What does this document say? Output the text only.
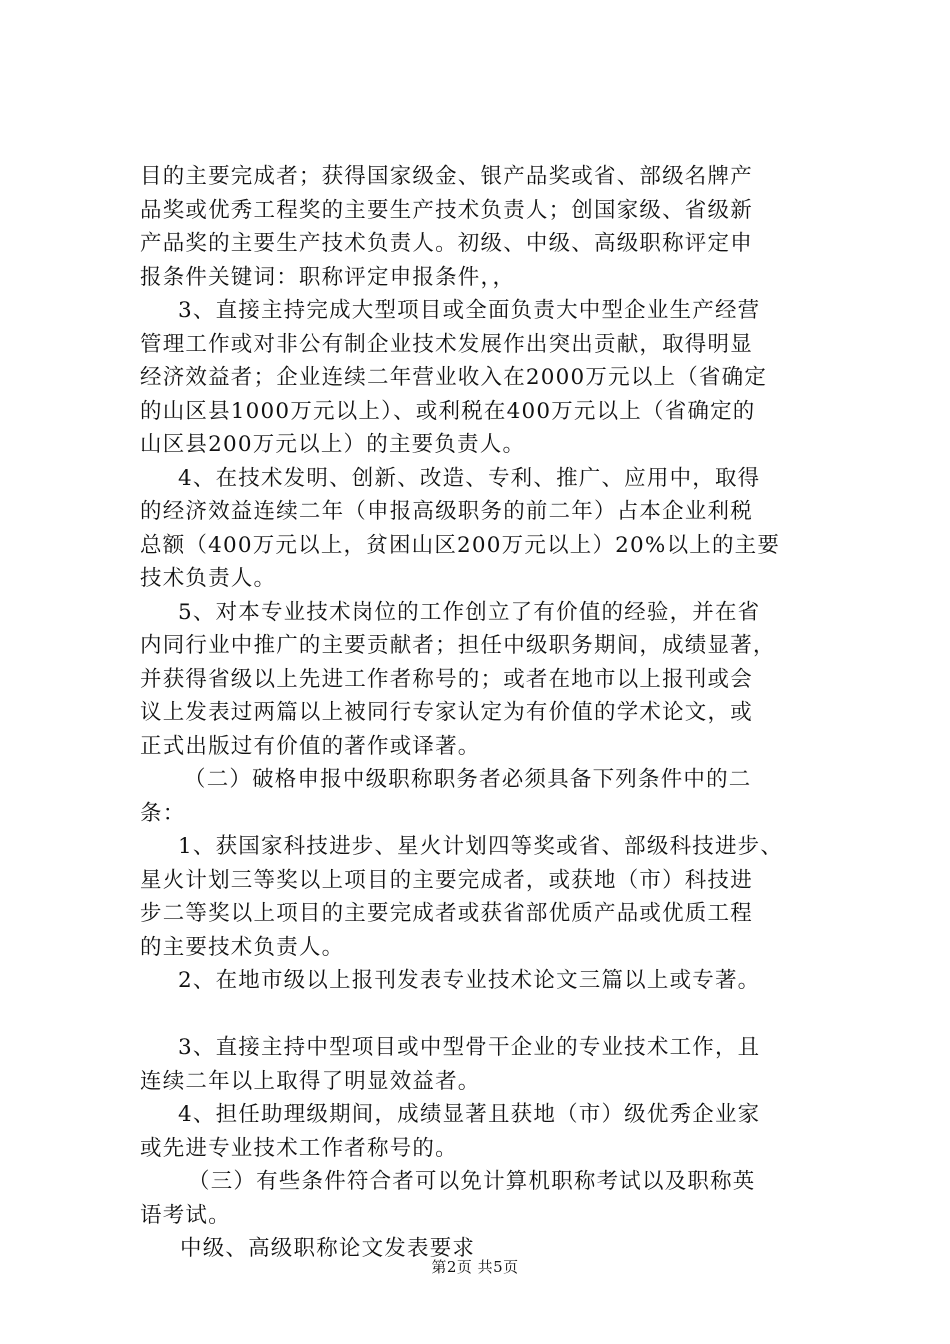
目的主要完成者；获得国家级金、银产品奖或省、部级名牌产
品奖或优秀工程奖的主要生产技术负责人；创国家级、省级新
产品奖的主要生产技术负责人。初级、中级、高级职称评定申
报条件关键词：职称评定申报条件，，
3、直接主持完成大型项目或全面负责大中型企业生产经营
管理工作或对非公有制企业技术发展作出突出贡献，取得明显
经济效益者；企业连续二年营业收入在2000万元以上（省确定
的山区县1000万元以上）、或利税在400万元以上（省确定的
山区县200万元以上）的主要负责人。
4、在技术发明、创新、改造、专利、推广、应用中，取得
的经济效益连续二年（申报高级职务的前二年）占本企业利税
总额（400万元以上，贫困山区200万元以上）20%以上的主要
技术负责人。
5、对本专业技术岗位的工作创立了有价值的经验，并在省
内同行业中推广的主要贡献者；担任中级职务期间，成绩显著，
并获得省级以上先进工作者称号的；或者在地市以上报刊或会
议上发表过两篇以上被同行专家认定为有价值的学术论文，或
正式出版过有价值的著作或译著。
（二）破格申报中级职称职务者必须具备下列条件中的二
条：
1、获国家科技进步、星火计划四等奖或省、部级科技进步、
星火计划三等奖以上项目的主要完成者，或获地（市）科技进
步二等奖以上项目的主要完成者或获省部优质产品或优质工程
的主要技术负责人。
2、在地市级以上报刊发表专业技术论文三篇以上或专著。
3、直接主持中型项目或中型骨干企业的专业技术工作，且
连续二年以上取得了明显效益者。
4、担任助理级期间，成绩显著且获地（市）级优秀企业家
或先进专业技术工作者称号的。
（三）有些条件符合者可以免计算机职称考试以及职称英
语考试。
中级、高级职称论文发表要求
第2页 共5页
